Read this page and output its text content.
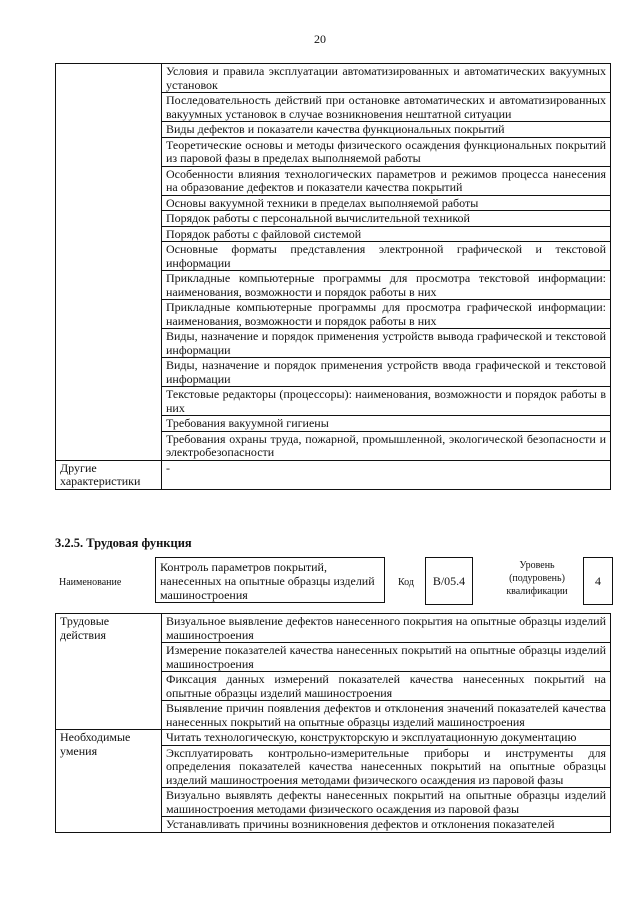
20
	Условия и правила эксплуатации автоматизированных и автоматических вакуумных установок
	Последовательность действий при остановке автоматических и автоматизированных вакуумных установок в случае возникновения нештатной ситуации
	Виды дефектов и показатели качества функциональных покрытий
	Теоретические основы и методы физического осаждения функциональных покрытий из паровой фазы в пределах выполняемой работы
	Особенности влияния технологических параметров и режимов процесса нанесения на образование дефектов и показатели качества покрытий
	Основы вакуумной техники в пределах выполняемой работы
	Порядок работы с персональной вычислительной техникой
	Порядок работы с файловой системой
	Основные форматы представления электронной графической и текстовой информации
	Прикладные компьютерные программы для просмотра текстовой информации: наименования, возможности и порядок работы в них
	Прикладные компьютерные программы для просмотра графической информации: наименования, возможности и порядок работы в них
	Виды, назначение и порядок применения устройств вывода графической и текстовой информации
	Виды, назначение и порядок применения устройств ввода графической и текстовой информации
	Текстовые редакторы (процессоры): наименования, возможности и порядок работы в них
	Требования вакуумной гигиены
	Требования охраны труда, пожарной, промышленной, экологической безопасности и электробезопасности
Другие характеристики	-
3.2.5. Трудовая функция
Наименование
Контроль параметров покрытий, нанесенных на опытные образцы изделий машиностроения
Код	B/05.4
Уровень (подуровень) квалификации
4
Трудовые действия	Визуальное выявление дефектов нанесенного покрытия на опытные образцы изделий машиностроения
	Измерение показателей качества нанесенных покрытий на опытные образцы изделий машиностроения
	Фиксация данных измерений показателей качества нанесенных покрытий на опытные образцы изделий машиностроения
	Выявление причин появления дефектов и отклонения значений показателей качества нанесенных покрытий на опытные образцы изделий машиностроения
Необходимые умения	Читать технологическую, конструкторскую и эксплуатационную документацию
	Эксплуатировать контрольно-измерительные приборы и инструменты для определения показателей качества нанесенных покрытий на опытные образцы изделий машиностроения методами физического осаждения из паровой фазы
	Визуально выявлять дефекты нанесенных покрытий на опытные образцы изделий машиностроения методами физического осаждения из паровой фазы
	Устанавливать причины возникновения дефектов и отклонения показателей
